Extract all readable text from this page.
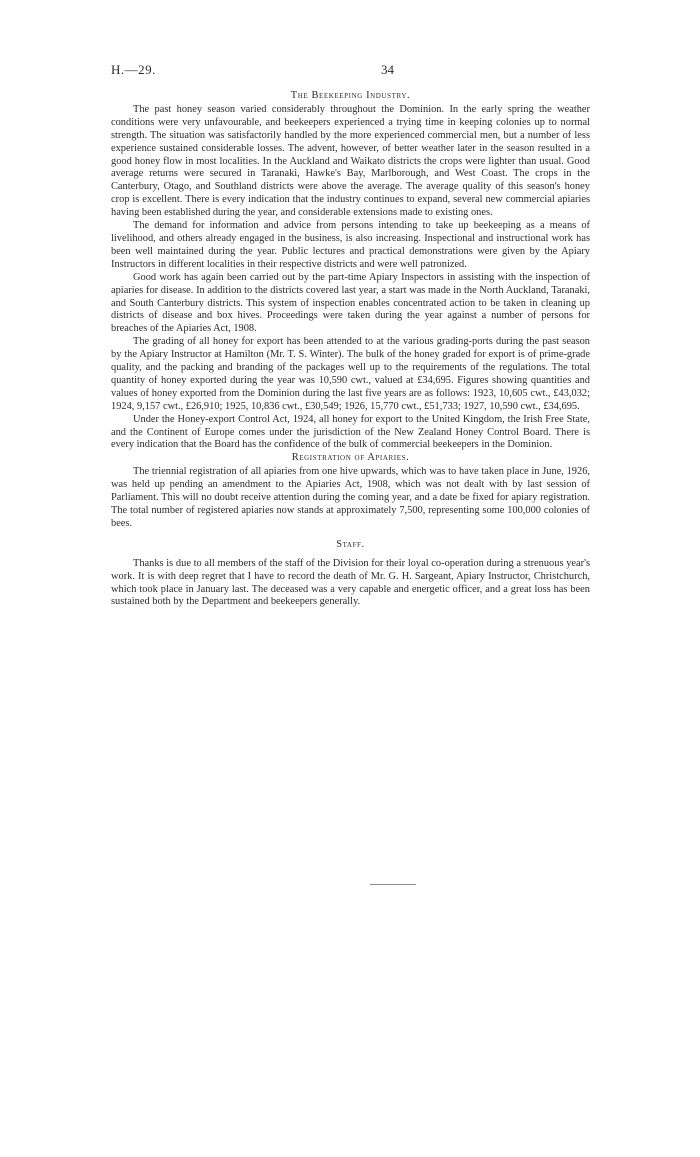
H.—29.	34
The Beekeeping Industry.

The past honey season varied considerably throughout the Dominion. In the early spring the weather conditions were very unfavourable, and beekeepers experienced a trying time in keeping colonies up to normal strength. The situation was satisfactorily handled by the more experienced commercial men, but a number of less experience sustained considerable losses. The advent, however, of better weather later in the season resulted in a good honey flow in most localities. In the Auckland and Waikato districts the crops were lighter than usual. Good average returns were secured in Taranaki, Hawke's Bay, Marlborough, and West Coast. The crops in the Canterbury, Otago, and Southland districts were above the average. The average quality of this season's honey crop is excellent. There is every indication that the industry continues to expand, several new commercial apiaries having been established during the year, and considerable extensions made to existing ones.

The demand for information and advice from persons intending to take up beekeeping as a means of livelihood, and others already engaged in the business, is also increasing. Inspectional and instructional work has been well maintained during the year. Public lectures and practical demonstrations were given by the Apiary Instructors in different localities in their respective districts and were well patronized.

Good work has again been carried out by the part-time Apiary Inspectors in assisting with the inspection of apiaries for disease. In addition to the districts covered last year, a start was made in the North Auckland, Taranaki, and South Canterbury districts. This system of inspection enables concentrated action to be taken in cleaning up districts of disease and box hives. Proceedings were taken during the year against a number of persons for breaches of the Apiaries Act, 1908.

The grading of all honey for export has been attended to at the various grading-ports during the past season by the Apiary Instructor at Hamilton (Mr. T. S. Winter). The bulk of the honey graded for export is of prime-grade quality, and the packing and branding of the packages well up to the requirements of the regulations. The total quantity of honey exported during the year was 10,590 cwt., valued at £34,695. Figures showing quantities and values of honey exported from the Dominion during the last five years are as follows: 1923, 10,605 cwt., £43,032; 1924, 9,157 cwt., £26,910; 1925, 10,836 cwt., £30,549; 1926, 15,770 cwt., £51,733; 1927, 10,590 cwt., £34,695.

Under the Honey-export Control Act, 1924, all honey for export to the United Kingdom, the Irish Free State, and the Continent of Europe comes under the jurisdiction of the New Zealand Honey Control Board. There is every indication that the Board has the confidence of the bulk of commercial beekeepers in the Dominion.

Registration of Apiaries.

The triennial registration of all apiaries from one hive upwards, which was to have taken place in June, 1926, was held up pending an amendment to the Apiaries Act, 1908, which was not dealt with by last session of Parliament. This will no doubt receive attention during the coming year, and a date be fixed for apiary registration. The total number of registered apiaries now stands at approximately 7,500, representing some 100,000 colonies of bees.

Staff.

Thanks is due to all members of the staff of the Division for their loyal co-operation during a strenuous year's work. It is with deep regret that I have to record the death of Mr. G. H. Sargeant, Apiary Instructor, Christchurch, which took place in January last. The deceased was a very capable and energetic officer, and a great loss has been sustained both by the Department and beekeepers generally.
